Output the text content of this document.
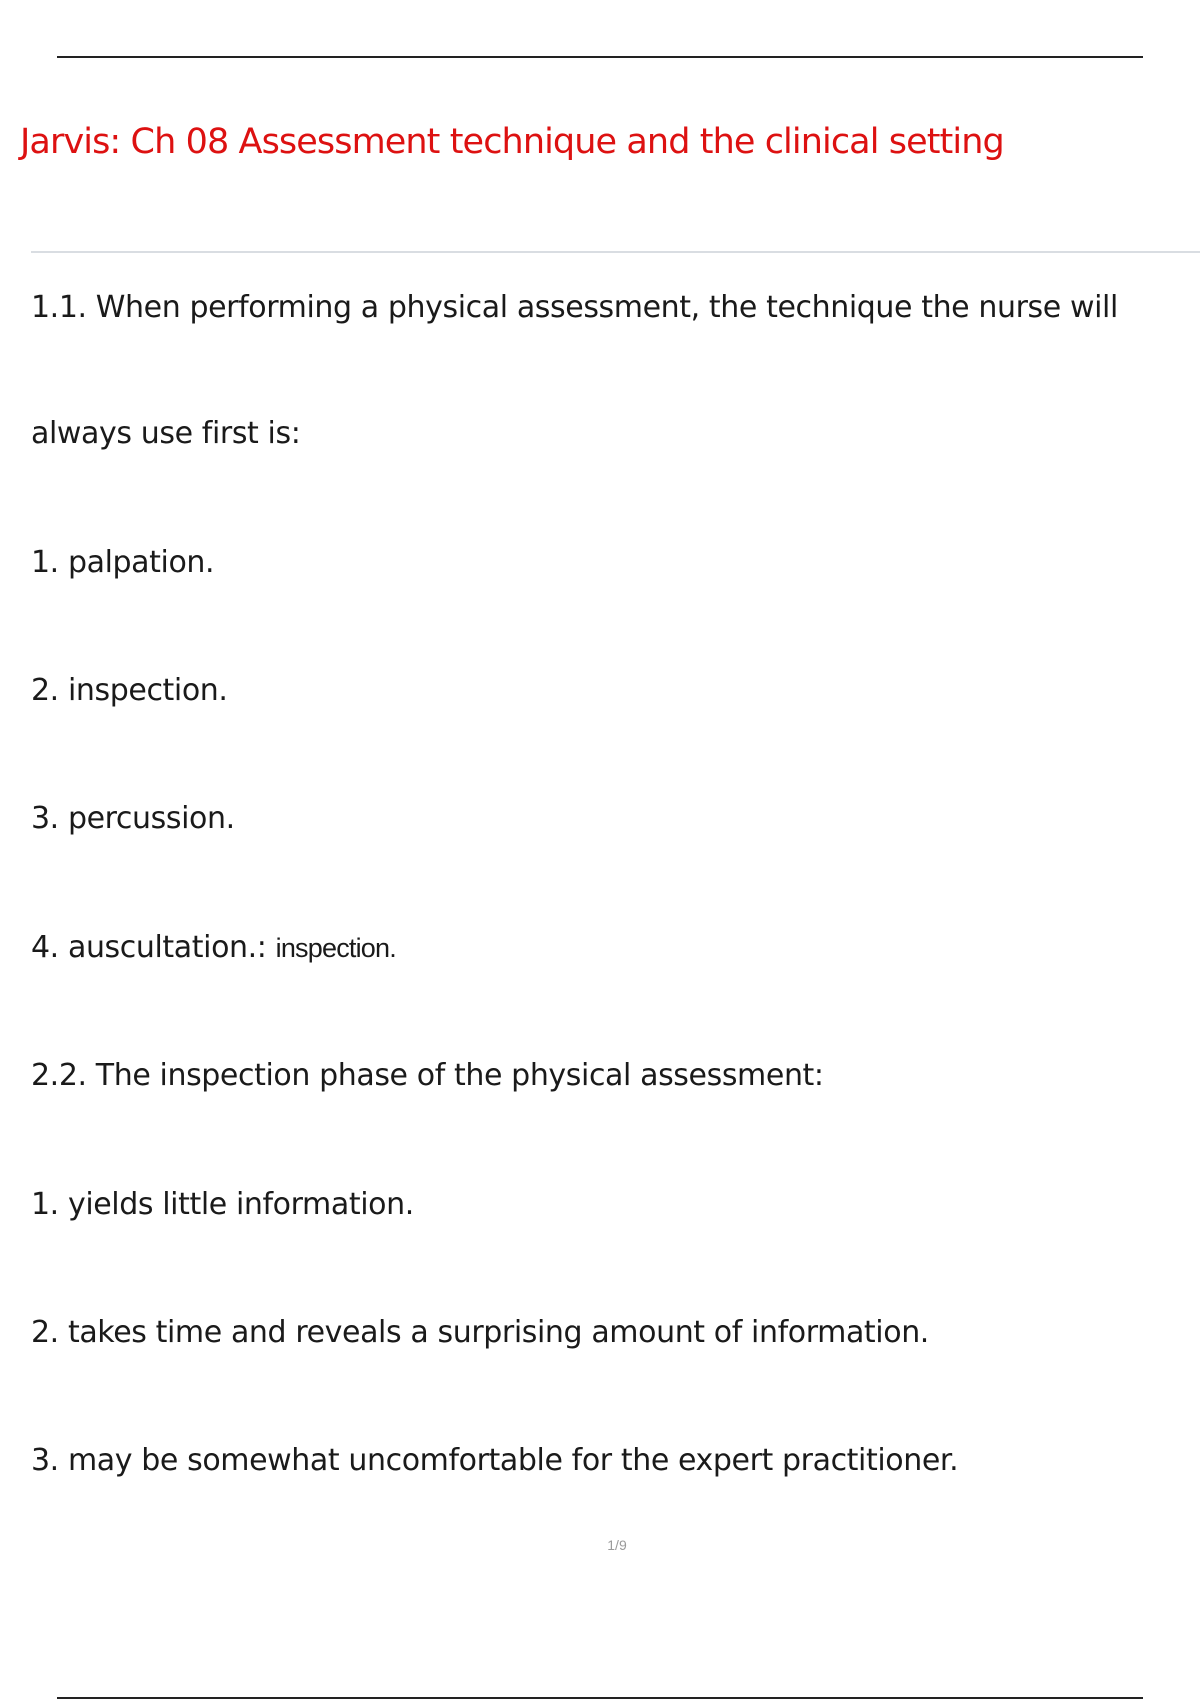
Jarvis: Ch 08 Assessment technique and the clinical setting

1.1. When performing a physical assessment, the technique the nurse will

always use first is:

1. palpation.

2. inspection.

3. percussion.

4. auscultation.: inspection.

2.2. The inspection phase of the physical assessment:

1. yields little information.

2. takes time and reveals a surprising amount of information.

3. may be somewhat uncomfortable for the expert practitioner.

1/9
